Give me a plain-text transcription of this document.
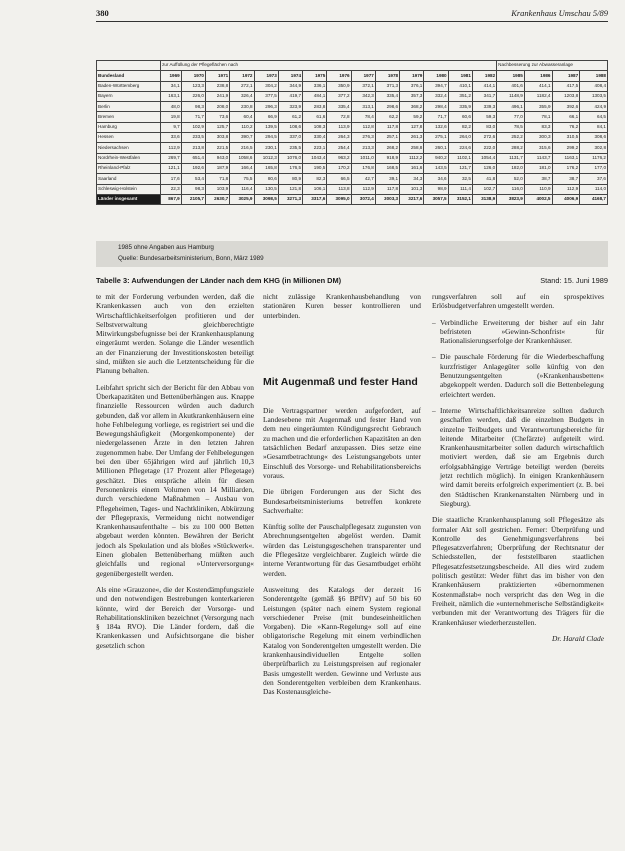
380	Krankenhaus Umschau 5/89
	zur Auffüllung der Pflegeflächen nach														Nachbesserung zur Abwasseranlage			
Bundesland	1969	1970	1971	1972	1973	1974	1975	1976	1977	1978	1979	1980	1981	1982	1985	1986	1987	1988
Baden-Württemberg	34,1	123,3	238,8	272,1	304,2	344,9	336,1	350,9	372,1	371,3	376,1	394,7	410,1	414,1	401,6	414,1	417,5	408,4
Bayern	163,1	226,0	241,9	326,4	377,5	419,7	484,1	377,2	342,3	335,4	357,3	332,4	351,2	341,7	1148,9	1182,4	1203,8	1303,5
Berlin	48,0	98,3	208,0	230,8	296,3	323,9	283,8	335,4	313,1	298,6	368,2	298,4	335,9	339,3	496,1	355,9	392,6	424,9
Bremen	19,8	71,7	73,6	60,4	66,9	61,2	61,6	72,8	78,4	62,2	59,2	71,7	60,6	59,3	77,0	78,1	66,1	64,5
Hamburg	9,7	102,9	125,7	110,2	139,5	108,6	108,3	113,9	112,8	117,8	127,8	132,6	82,2	83,0	78,5	83,3	76,2	84,1
Hessen	33,6	233,5	303,8	390,7	294,5	337,0	330,4	264,3	276,3	257,1	261,3	275,1	264,0	272,6	252,2	300,3	310,5	308,6
Niedersachsen	112,9	213,8	221,5	216,5	230,1	235,5	223,1	254,4	213,3	268,2	258,8	260,1	224,6	222,0	288,2	315,6	299,2	302,8
Nordrhein-Westfalen	269,7	651,4	943,0	1058,6	1012,3	1076,0	1043,4	963,2	1011,0	918,9	1112,2	940,2	1102,1	1054,4	1131,7	1143,7	1163,1	1176,2
Rheinland-Pfalz	121,1	192,6	187,9	166,4	165,8	176,5	190,5	170,2	176,8	168,5	161,6	143,5	121,7	126,0	182,0	181,0	176,2	177,0
Saarland	17,6	53,4	71,8	75,5	80,6	80,9	82,3	66,5	42,7	39,1	34,3	34,6	32,5	41,8	52,0	38,7	38,7	37,6
Schleswig-Holstein	22,3	98,3	103,9	116,4	130,5	121,8	106,1	113,8	112,9	117,8	101,3	98,9	111,4	102,7	116,0	110,9	112,9	114,0
Länder insgesamt	867,9	2105,7	2630,7	3025,9	3098,5	3271,3	3317,6	3095,0	3072,4	3003,3	3217,6	3057,5	3152,1	3138,9	3823,9	4002,5	4006,9	4168,7
1985 ohne Angaben aus Hamburg
Quelle: Bundesarbeitsministerium, Bonn, März 1989
Tabelle 3: Aufwendungen der Länder nach dem KHG (in Millionen DM)	Stand: 15. Juni 1989

te mit der Forderung verbunden werden, daß die Krankenkassen auch von den erzielten Wirtschaftlichkeitserfolgen profitieren und der Selbstverwaltung gleichberechtigte Mitwirkungsbefugnisse bei der Krankenhausplanung eingeräumt werden. Solange die Länder wesentlich an der Finanzierung der Investitionskosten beteiligt sind, müßten sie auch die Letztentscheidung für die Planung behalten.

Leibfahrt spricht sich der Bericht für den Abbau von Überkapazitäten und Bettenüberhängen aus. Knappe finanzielle Ressourcen würden auch dadurch gebunden, daß vor allem in Akutkrankenhäusern eine hohe Fehlbelegung vorliege, es registriert sei und die Bewegungshäufigkeit (Morgenkomponente) der niedergelassenen Ärzte in den letzten Jahren zugenommen habe. Der Umfang der Fehlbelegungen bei den über 65jährigen wird auf jährlich 10,3 Millionen Pflegetage (17 Prozent aller Pflegetage) geschätzt. Dies entspräche allein für diesen Personenkreis einem Volumen von 14 Milliarden, durch verschiedene Maßnahmen – Ausbau von Pflegeheimen, Tages- und Nachtkliniken, Abkürzung der Pflegepraxis, Vermeidung nicht notwendiger Krankenhausaufenthalte – bis zu 100 000 Betten abgebaut werden könnten. Bewähren der Bericht jedoch als Spekulation und als bloßes »Stückwerk«. Einen globalen Bettenüberhang müßten auch gleichfalls und regional »Unterversorgung« gegenübergestellt werden.

Als eine »Grauzone«, die der Kostendämpfungsziele und den notwendigen Bestrebungen konterkarieren könnte, wird der Bereich der Vorsorge- und Rehabilitationskliniken bezeichnet (Versorgung nach § 184a RVO). Die Länder fordern, daß die Krankenkassen und Aufsichtsorgane die bisher gesetzlich schon

nicht zulässige Krankenhausbehandlung von stationären Kuren besser kontrollieren und unterbinden.

Mit Augenmaß und fester Hand

Die Vertragspartner werden aufgefordert, auf Landesebene mit Augenmaß und fester Hand von dem neu eingeräumten Kündigungsrecht Gebrauch zu machen und die erforderlichen Kapazitäten an den tatsächlichen Bedarf anzupassen. Dies setze eine »Gesamtbetrachtung« des Leistungsangebots unter Einschluß des Vorsorge- und Rehabilitationsbereichs voraus.

Die übrigen Forderungen aus der Sicht des Bundesarbeitsministeriums betreffen konkrete Sachverhalte:

Künftig sollte der Pauschalpflegesatz zugunsten von Abrechnungsentgelten abgelöst werden. Damit würden das Leistungsgeschehen transparenter und die Pflegesätze vergleichbarer. Zugleich würde die interne Verantwortung für das Gesamtbudget erhöht werden.

Ausweitung des Katalogs der derzeit 16 Sonderentgelte (gemäß §6 BPflV) auf 50 bis 60 Leistungen (später nach einem System regional verschiedener Preise (mit bundeseinheitlichen Vorgaben). Die »Kann-Regelung« soll auf eine obligatorische Regelung mit einem verbindlichen Katalog von Sonderentgelten umgestellt werden. Die krankenhausindividuellen Entgelte sollen überprüfbarlich zu Leistungspreisen auf regionaler Basis umgestellt werden. Gewinne und Verluste aus den Sonderentgelten verbleiben dem Krankenhaus. Das Kostenausgleiche-

rungsverfahren soll auf ein sprospektives Erlösbudgetverfahren umgestellt werden.

– Verbindliche Erweiterung der bisher auf ein Jahr befristeten »Gewinn-Schonfrist« für Rationalisierungserfolge der Krankenhäuser.
– Die pauschale Förderung für die Wiederbeschaffung kurzfristiger Anlagegüter solle künftig von den Benutzungsentgelten (»Krankenhausbetten« abgekoppelt werden. Dadurch soll die Bettenbelegung erleichtert werden.
– Interne Wirtschaftlichkeitsanreize sollten dadurch geschaffen werden, daß die einzelnen Budgets in einzelne Teilbudgets und Verantwortungsbereiche für leitende Mitarbeiter (Chefärzte) aufgeteilt wird. Krankenhausmitarbeiter sollen dadurch wirtschaftlich motiviert werden, daß sie am Ergebnis durch erfolgsabhängige Verträge beteiligt werden (bereits jetzt rechtlich möglich). In einigen Krankenhäusern wird damit bereits erfolgreich experimentiert (z. B. bei den Städtischen Krankenanstalten Nürnberg und in Siegburg).

Die staatliche Krankenhausplanung soll Pflegesätze als formaler Akt soll gestrichen. Ferner: Überprüfung und Kontrolle des Genehmigungsverfahrens bei Pflegesatzverfahren; Überprüfung der Rechtsnatur der Schiedsstellen, der feststellbaren staatlichen Pflegesatzfestsetzungsbescheide. All dies wird zudem politisch gestützt: Weder führt das im bisher von den Krankenhäusern praktizierten »übernommenen Kostenmaßstab« noch verspricht das den Weg in die Freiheit, nämlich die »unternehmerische Selbständigkeit« verbunden mit der Verantwortung des Trägers für die Krankenhäuser wiederherzustellen.

Dr. Harald Clade
